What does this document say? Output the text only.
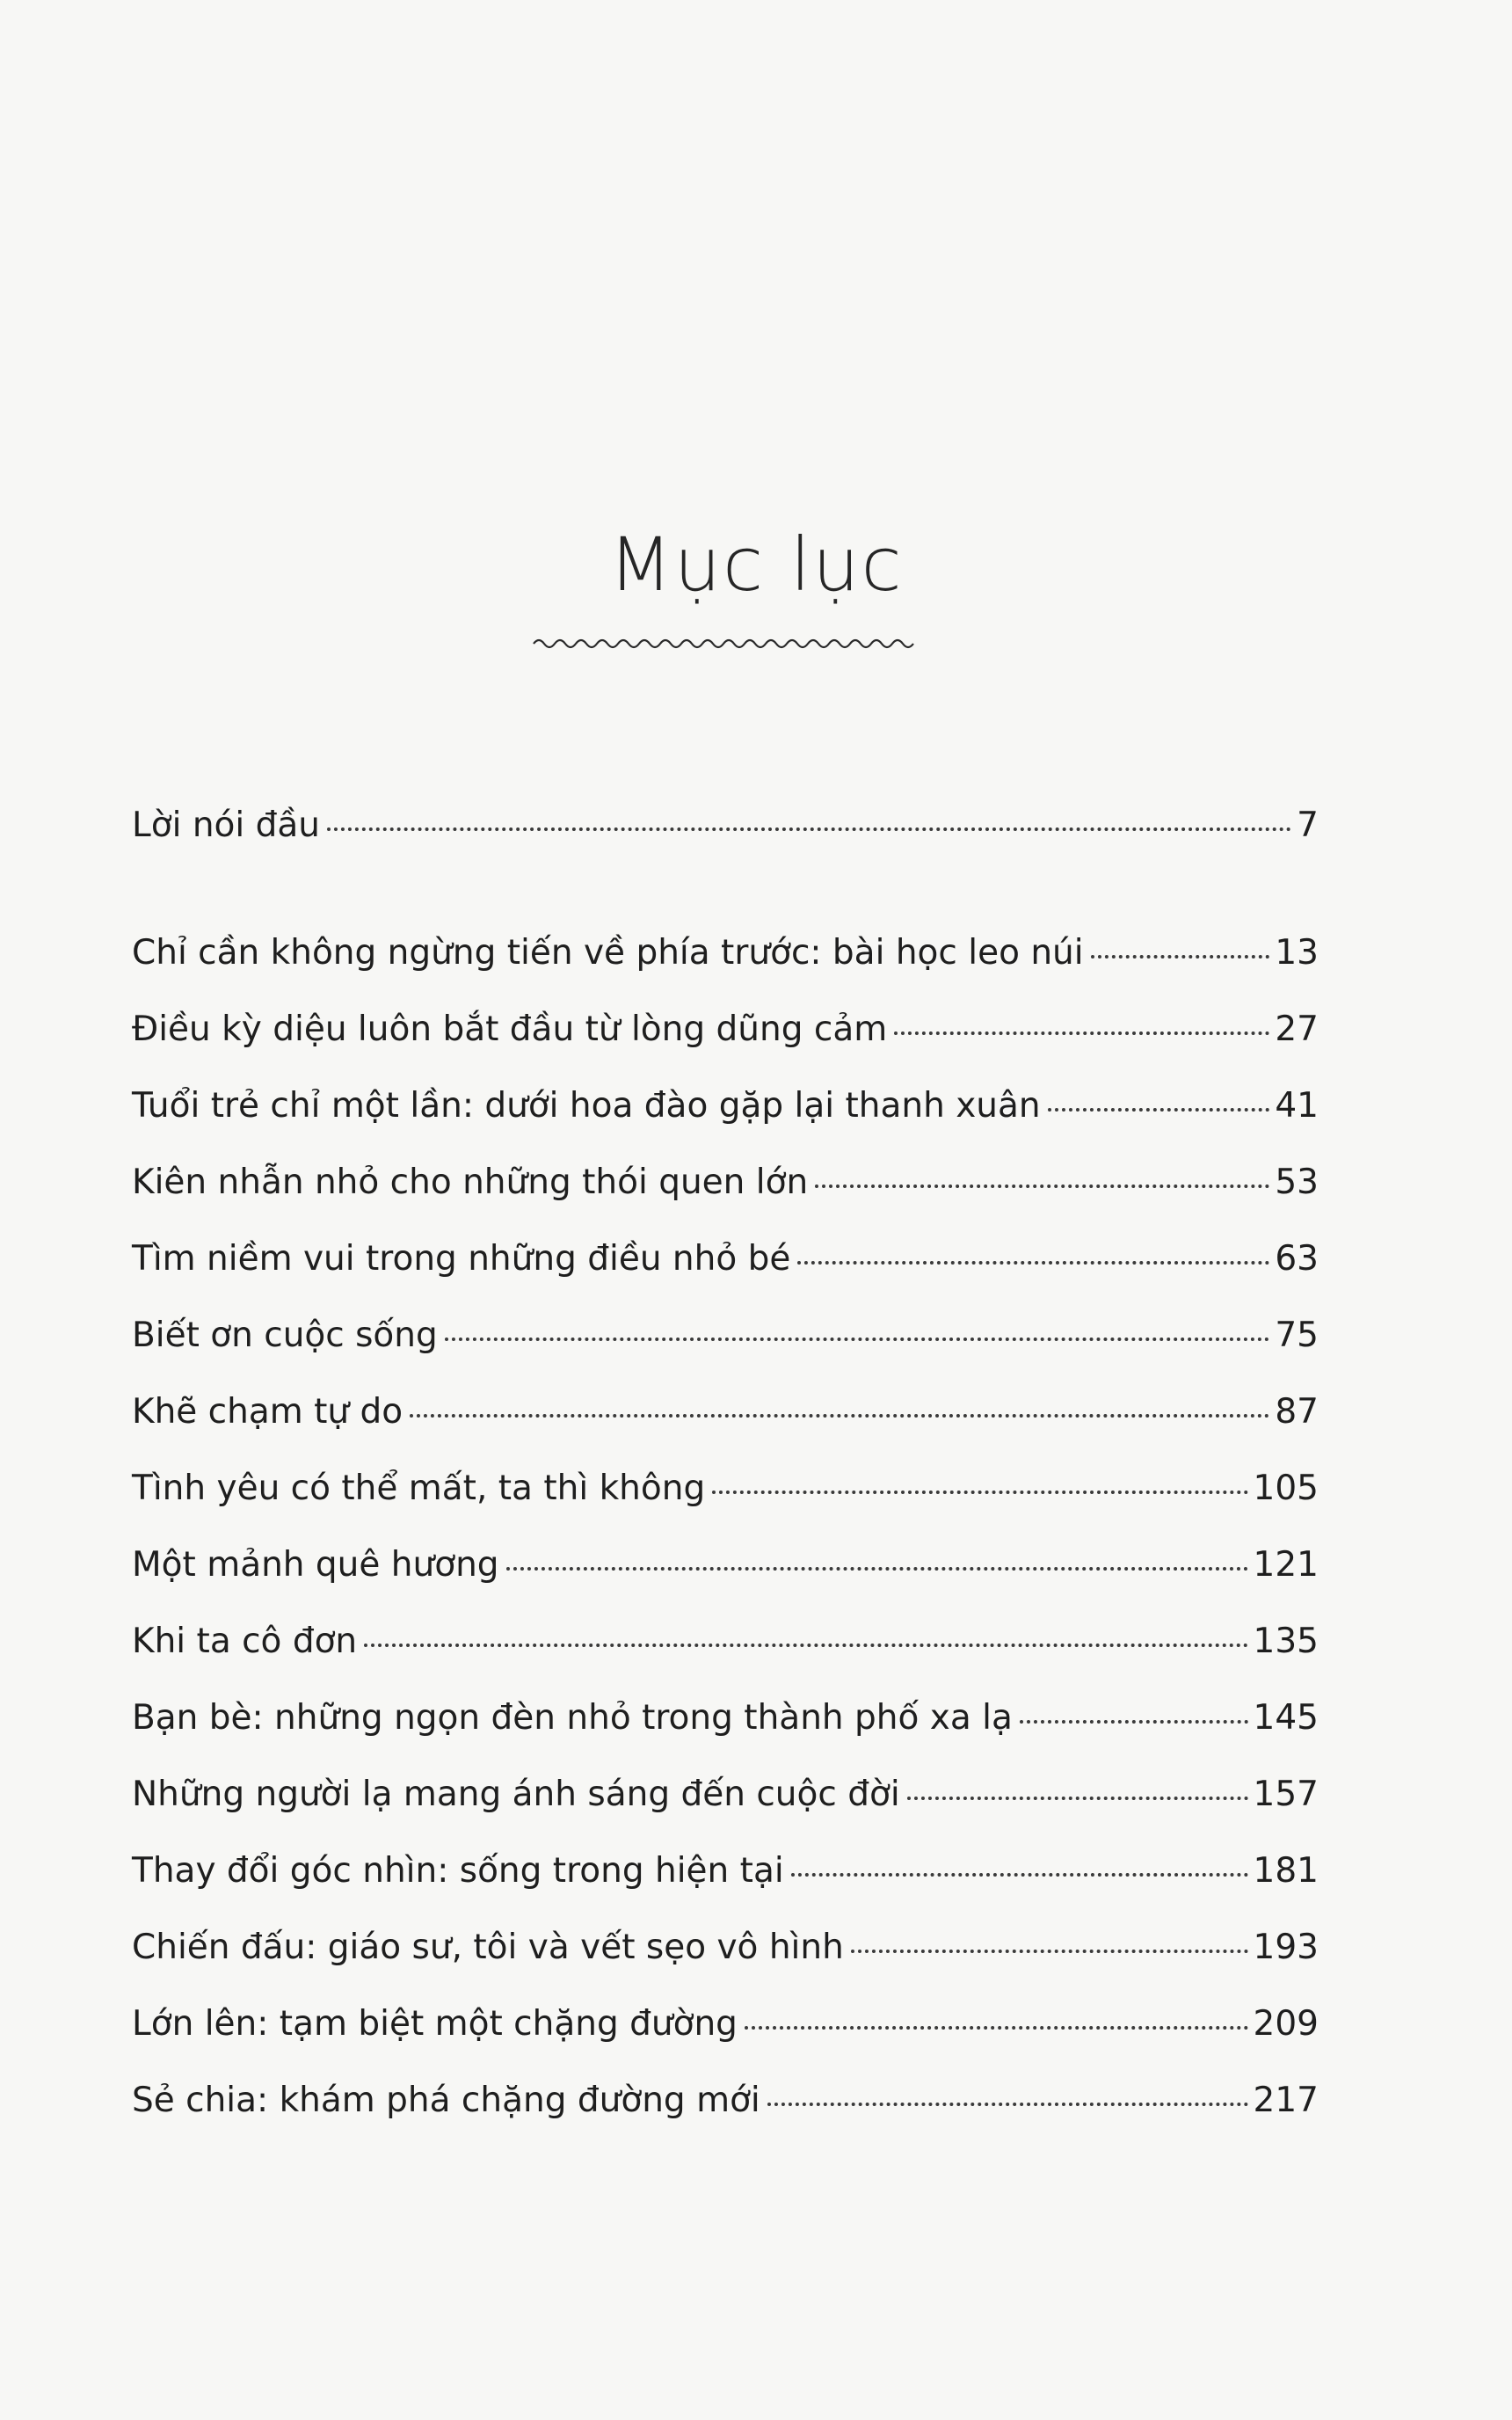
Mục lục
Lời nói đầu	7
Chỉ cần không ngừng tiến về phía trước: bài học leo núi	13
Điều kỳ diệu luôn bắt đầu từ lòng dũng cảm	27
Tuổi trẻ chỉ một lần: dưới hoa đào gặp lại thanh xuân	41
Kiên nhẫn nhỏ cho những thói quen lớn	53
Tìm niềm vui trong những điều nhỏ bé	63
Biết ơn cuộc sống	75
Khẽ chạm tự do	87
Tình yêu có thể mất, ta thì không	105
Một mảnh quê hương	121
Khi ta cô đơn	135
Bạn bè: những ngọn đèn nhỏ trong thành phố xa lạ	145
Những người lạ mang ánh sáng đến cuộc đời	157
Thay đổi góc nhìn: sống trong hiện tại	181
Chiến đấu: giáo sư, tôi và vết sẹo vô hình	193
Lớn lên: tạm biệt một chặng đường	209
Sẻ chia: khám phá chặng đường mới	217
